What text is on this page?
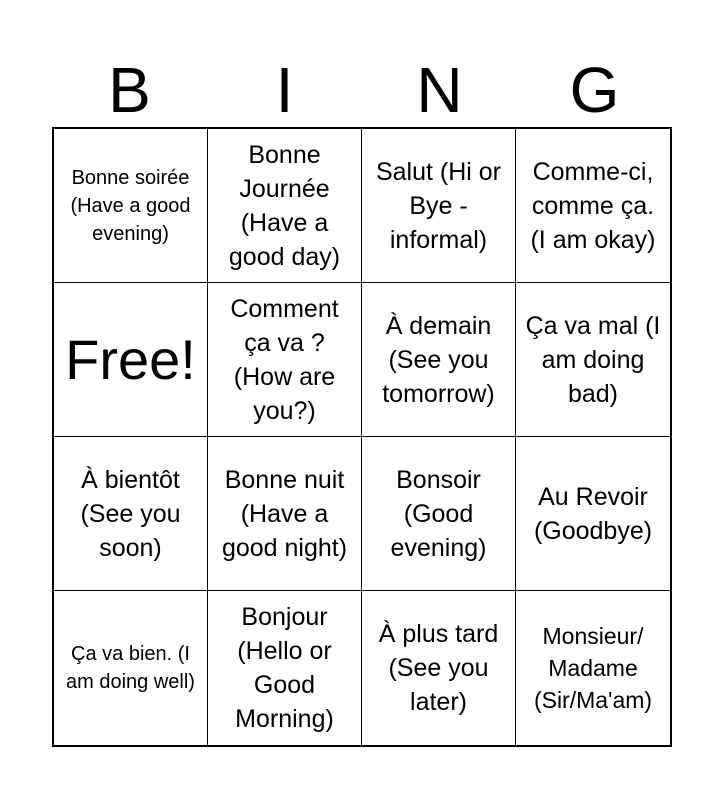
B	I	N	G
Bonne soirée (Have a good evening)
Bonne Journée (Have a good day)
Salut (Hi or Bye - informal)
Comme-ci, comme ça. (I am okay)
Free!
Comment ça va ? (How are you?)
À demain (See you tomorrow)
Ça va mal (I am doing bad)
À bientôt (See you soon)
Bonne nuit (Have a good night)
Bonsoir (Good evening)
Au Revoir (Goodbye)
Ça va bien. (I am doing well)
Bonjour (Hello or Good Morning)
À plus tard (See you later)
Monsieur/ Madame (Sir/Ma'am)
